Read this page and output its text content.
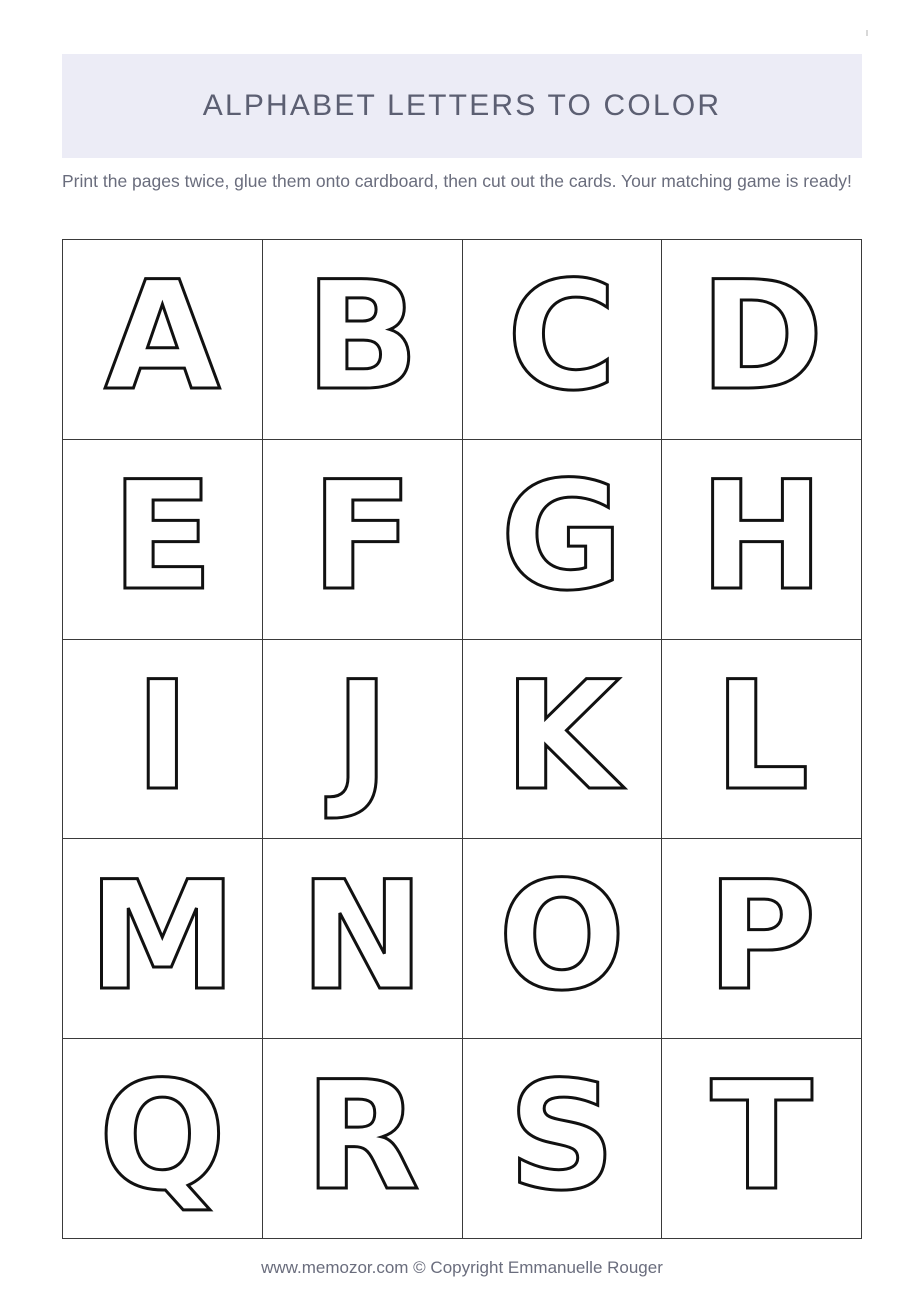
ALPHABET LETTERS TO COLOR
Print the pages twice, glue them onto cardboard, then cut out the cards. Your matching game is ready!
A B C D
E F G H
I J K L
M N O P
Q R S T
www.memozor.com © Copyright Emmanuelle Rouger
